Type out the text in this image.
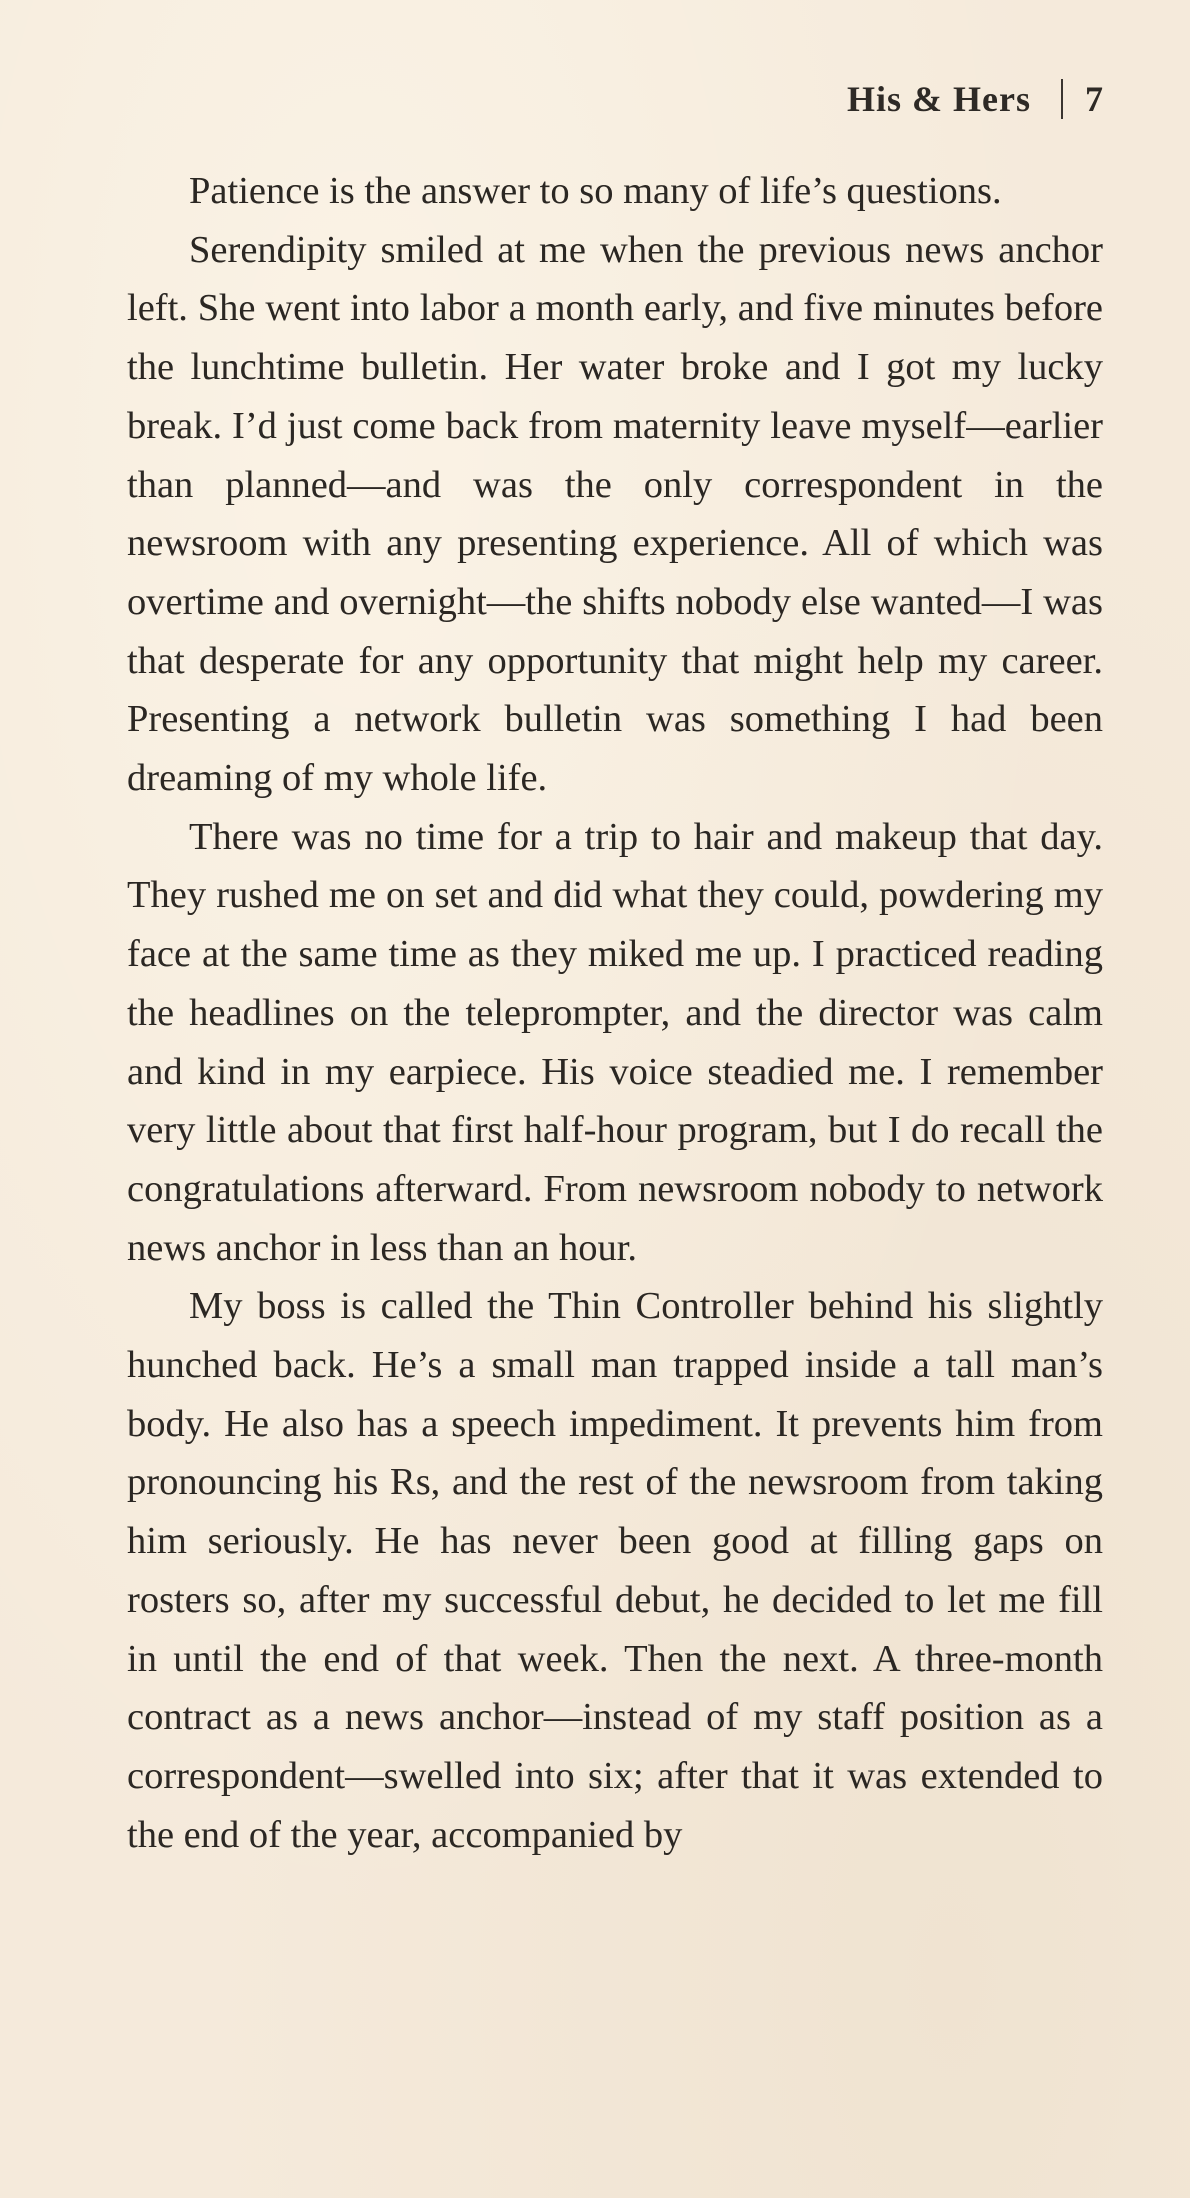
His & Hers 7

Patience is the answer to so many of life’s questions.

Serendipity smiled at me when the previous news anchor left. She went into labor a month early, and five minutes before the lunchtime bulletin. Her water broke and I got my lucky break. I’d just come back from maternity leave myself—earlier than planned—and was the only correspondent in the newsroom with any presenting experience. All of which was overtime and overnight—the shifts nobody else wanted—I was that desperate for any opportunity that might help my career. Presenting a network bulletin was something I had been dreaming of my whole life.

There was no time for a trip to hair and makeup that day. They rushed me on set and did what they could, powdering my face at the same time as they miked me up. I practiced reading the headlines on the teleprompter, and the director was calm and kind in my earpiece. His voice steadied me. I remember very little about that first half-hour program, but I do recall the congratulations afterward. From newsroom nobody to network news anchor in less than an hour.

My boss is called the Thin Controller behind his slightly hunched back. He’s a small man trapped inside a tall man’s body. He also has a speech impediment. It prevents him from pronouncing his Rs, and the rest of the newsroom from taking him seriously. He has never been good at filling gaps on rosters so, after my successful debut, he decided to let me fill in until the end of that week. Then the next. A three-month contract as a news anchor—instead of my staff position as a correspondent—swelled into six; after that it was extended to the end of the year, accompanied by
